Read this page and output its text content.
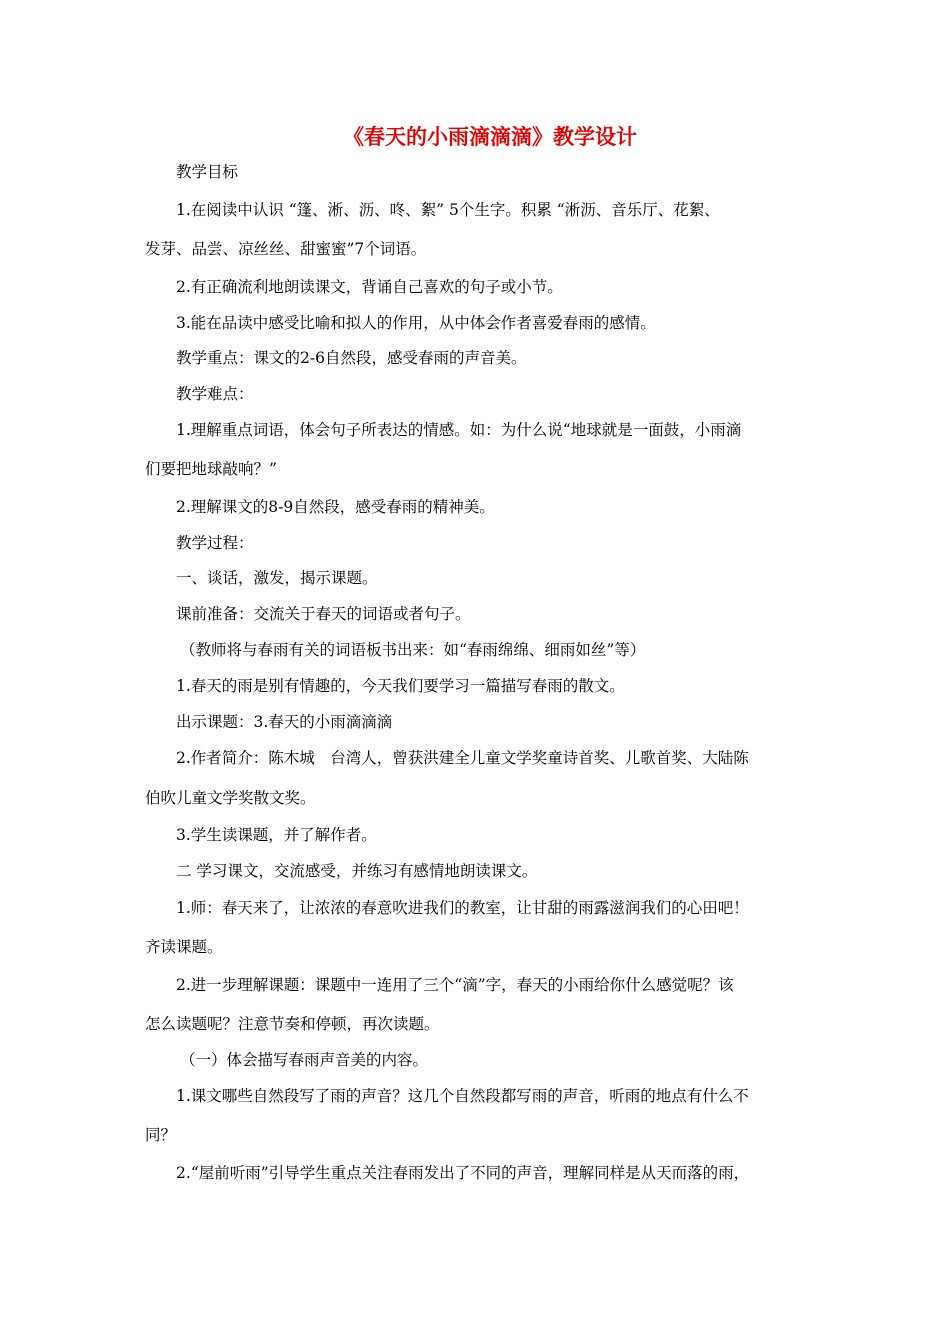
《春天的小雨滴滴滴》教学设计
教学目标
1.在阅读中认识 “篷、淅、沥、咚、絮” 5个生字。积累 “淅沥、音乐厅、花絮、
发芽、品尝、凉丝丝、甜蜜蜜”7个词语。
2.有正确流利地朗读课文，背诵自己喜欢的句子或小节。
3.能在品读中感受比喻和拟人的作用，从中体会作者喜爱春雨的感情。
教学重点：课文的2-6自然段，感受春雨的声音美。
教学难点：
1.理解重点词语，体会句子所表达的情感。如：为什么说“地球就是一面鼓，小雨滴
们要把地球敲响？”
2.理解课文的8-9自然段，感受春雨的精神美。
教学过程：
一、谈话，激发，揭示课题。
课前准备：交流关于春天的词语或者句子。
（教师将与春雨有关的词语板书出来：如“春雨绵绵、细雨如丝”等）
1.春天的雨是别有情趣的，今天我们要学习一篇描写春雨的散文。
出示课题：3.春天的小雨滴滴滴
2.作者简介：陈木城　台湾人，曾获洪建全儿童文学奖童诗首奖、儿歌首奖、大陆陈
伯吹儿童文学奖散文奖。
3.学生读课题，并了解作者。
二 学习课文，交流感受，并练习有感情地朗读课文。
1.师：春天来了，让浓浓的春意吹进我们的教室，让甘甜的雨露滋润我们的心田吧！
齐读课题。
2.进一步理解课题：课题中一连用了三个“滴”字，春天的小雨给你什么感觉呢？该
怎么读题呢？注意节奏和停顿，再次读题。
（一）体会描写春雨声音美的内容。
1.课文哪些自然段写了雨的声音？这几个自然段都写雨的声音，听雨的地点有什么不
同？
2.“屋前听雨”引导学生重点关注春雨发出了不同的声音，理解同样是从天而落的雨，
